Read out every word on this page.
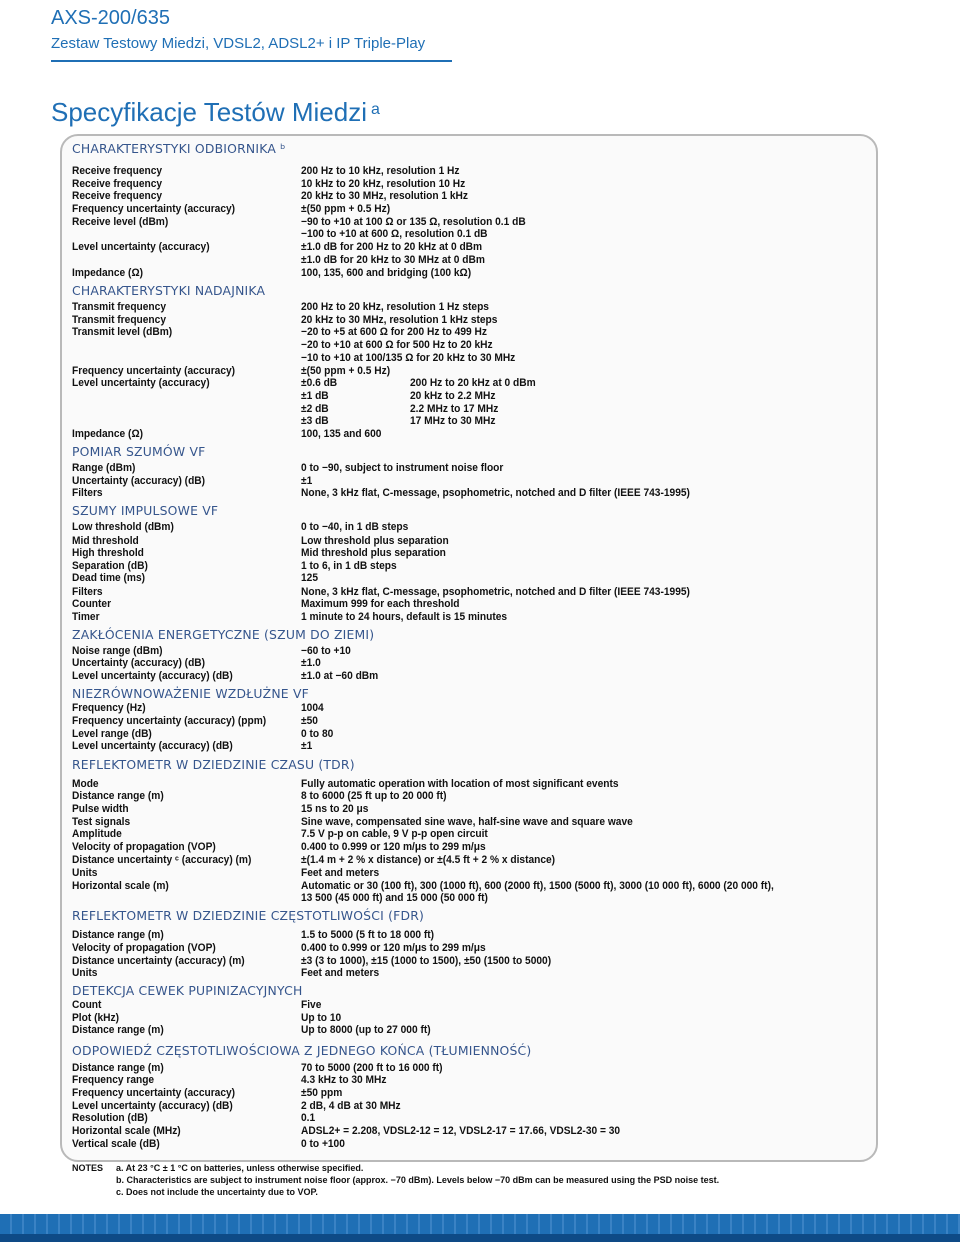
AXS-200/635
Zestaw Testowy Miedzi, VDSL2, ADSL2+ i IP Triple-Play
Specyfikacje Testów Miedzi $^a$
CHARAKTERYSTYKI ODBIORNIKA ᵇ
Receive frequency	200 Hz to 10 kHz, resolution 1 Hz
Receive frequency	10 kHz to 20 kHz, resolution 10 Hz
Receive frequency	20 kHz to 30 MHz, resolution 1 kHz
Frequency uncertainty (accuracy)	±(50 ppm + 0.5 Hz)
Receive level (dBm)	−90 to +10 at 100 Ω or 135 Ω, resolution 0.1 dB
−100 to +10 at 600 Ω, resolution 0.1 dB
Level uncertainty (accuracy)	±1.0 dB for 200 Hz to 20 kHz at 0 dBm
±1.0 dB for 20 kHz to 30 MHz at 0 dBm
Impedance (Ω)	100, 135, 600 and bridging (100 kΩ)
CHARAKTERYSTYKI NADAJNIKA
Transmit frequency	200 Hz to 20 kHz, resolution 1 Hz steps
Transmit frequency	20 kHz to 30 MHz, resolution 1 kHz steps
Transmit level (dBm)	−20 to +5 at 600 Ω for 200 Hz to 499 Hz
−20 to +10 at 600 Ω for 500 Hz to 20 kHz
−10 to +10 at 100/135 Ω for 20 kHz to 30 MHz
Frequency uncertainty (accuracy)	±(50 ppm + 0.5 Hz)
Level uncertainty (accuracy)	±0.6 dB	200 Hz to 20 kHz at 0 dBm
±1 dB	20 kHz to 2.2 MHz
±2 dB	2.2 MHz to 17 MHz
±3 dB	17 MHz to 30 MHz
Impedance (Ω)	100, 135 and 600
POMIAR SZUMÓW VF
Range (dBm)	0 to −90, subject to instrument noise floor
Uncertainty (accuracy) (dB)	±1
Filters	None, 3 kHz flat, C-message, psophometric, notched and D filter (IEEE 743-1995)
SZUMY IMPULSOWE VF
Low threshold (dBm)	0 to −40, in 1 dB steps
Mid threshold	Low threshold plus separation
High threshold	Mid threshold plus separation
Separation (dB)	1 to 6, in 1 dB steps
Dead time (ms)	125
Filters	None, 3 kHz flat, C-message, psophometric, notched and D filter (IEEE 743-1995)
Counter	Maximum 999 for each threshold
Timer	1 minute to 24 hours, default is 15 minutes
ZAKŁÓCENIA ENERGETYCZNE (SZUM DO ZIEMI)
Noise range (dBm)	−60 to +10
Uncertainty (accuracy) (dB)	±1.0
Level uncertainty (accuracy) (dB)	±1.0 at −60 dBm
NIEZRÓWNOWAŻENIE WZDŁUŻNE VF
Frequency (Hz)	1004
Frequency uncertainty (accuracy) (ppm)	±50
Level range (dB)	0 to 80
Level uncertainty (accuracy) (dB)	±1
REFLEKTOMETR W DZIEDZINIE CZASU (TDR)
Mode	Fully automatic operation with location of most significant events
Distance range (m)	8 to 6000 (25 ft up to 20 000 ft)
Pulse width	15 ns to 20 μs
Test signals	Sine wave, compensated sine wave, half-sine wave and square wave
Amplitude	7.5 V p-p on cable, 9 V p-p open circuit
Velocity of propagation (VOP)	0.400 to 0.999 or 120 m/μs to 299 m/μs
Distance uncertainty ᶜ (accuracy) (m)	±(1.4 m + 2 % x distance) or ±(4.5 ft + 2 % x distance)
Units	Feet and meters
Horizontal scale (m)	Automatic or 30 (100 ft), 300 (1000 ft), 600 (2000 ft), 1500 (5000 ft), 3000 (10 000 ft), 6000 (20 000 ft),
13 500 (45 000 ft) and 15 000 (50 000 ft)
REFLEKTOMETR W DZIEDZINIE CZĘSTOTLIWOŚCI (FDR)
Distance range (m)	1.5 to 5000 (5 ft to 18 000 ft)
Velocity of propagation (VOP)	0.400 to 0.999 or 120 m/μs to 299 m/μs
Distance uncertainty (accuracy) (m)	±3 (3 to 1000), ±15 (1000 to 1500), ±50 (1500 to 5000)
Units	Feet and meters
DETEKCJA CEWEK PUPINIZACYJNYCH
Count	Five
Plot (kHz)	Up to 10
Distance range (m)	Up to 8000 (up to 27 000 ft)
ODPOWIEDŹ CZĘSTOTLIWOŚCIOWA Z JEDNEGO KOŃCA (TŁUMIENNOŚĆ)
Distance range (m)	70 to 5000 (200 ft to 16 000 ft)
Frequency range	4.3 kHz to 30 MHz
Frequency uncertainty (accuracy)	±50 ppm
Level uncertainty (accuracy) (dB)	2 dB, 4 dB at 30 MHz
Resolution (dB)	0.1
Horizontal scale (MHz)	ADSL2+ = 2.208, VDSL2-12 = 12, VDSL2-17 = 17.66, VDSL2-30 = 30
Vertical scale (dB)	0 to +100
NOTES a. At 23 °C ± 1 °C on batteries, unless otherwise specified.
b. Characteristics are subject to instrument noise floor (approx. −70 dBm). Levels below −70 dBm can be measured using the PSD noise test.
c. Does not include the uncertainty due to VOP.
